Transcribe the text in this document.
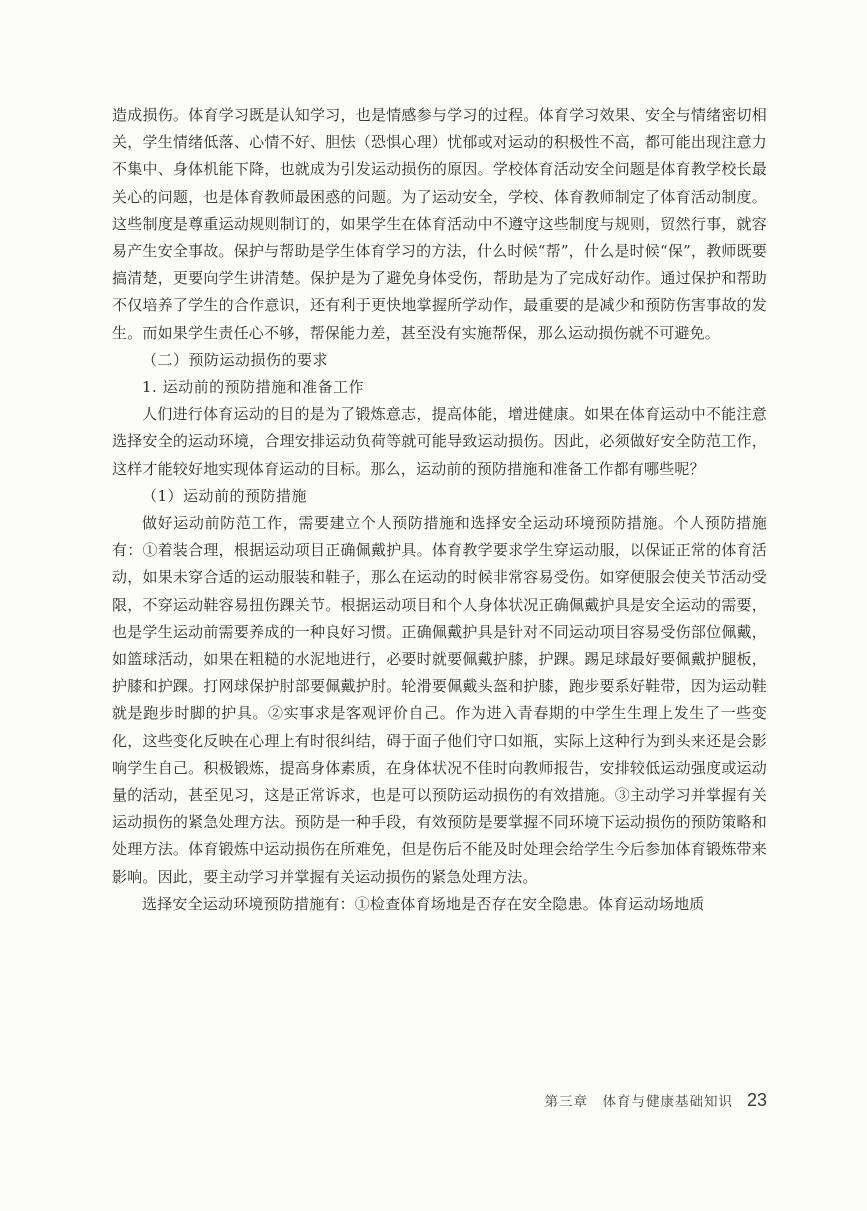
造成损伤。体育学习既是认知学习，也是情感参与学习的过程。体育学习效果、安全与情绪密切相关，学生情绪低落、心情不好、胆怯（恐惧心理）忧郁或对运动的积极性不高，都可能出现注意力不集中、身体机能下降，也就成为引发运动损伤的原因。学校体育活动安全问题是体育教学校长最关心的问题，也是体育教师最困惑的问题。为了运动安全，学校、体育教师制定了体育活动制度。这些制度是尊重运动规则制订的，如果学生在体育活动中不遵守这些制度与规则，贸然行事，就容易产生安全事故。保护与帮助是学生体育学习的方法，什么时候“帮”，什么是时候“保”，教师既要搞清楚，更要向学生讲清楚。保护是为了避免身体受伤，帮助是为了完成好动作。通过保护和帮助不仅培养了学生的合作意识，还有利于更快地掌握所学动作，最重要的是减少和预防伤害事故的发生。而如果学生责任心不够，帮保能力差，甚至没有实施帮保，那么运动损伤就不可避免。

（二）预防运动损伤的要求

1. 运动前的预防措施和准备工作

人们进行体育运动的目的是为了锻炼意志，提高体能，增进健康。如果在体育运动中不能注意选择安全的运动环境，合理安排运动负荷等就可能导致运动损伤。因此，必须做好安全防范工作，这样才能较好地实现体育运动的目标。那么，运动前的预防措施和准备工作都有哪些呢？

（1）运动前的预防措施

做好运动前防范工作，需要建立个人预防措施和选择安全运动环境预防措施。个人预防措施有：①着装合理，根据运动项目正确佩戴护具。体育教学要求学生穿运动服，以保证正常的体育活动，如果未穿合适的运动服装和鞋子，那么在运动的时候非常容易受伤。如穿便服会使关节活动受限，不穿运动鞋容易扭伤踝关节。根据运动项目和个人身体状况正确佩戴护具是安全运动的需要，也是学生运动前需要养成的一种良好习惯。正确佩戴护具是针对不同运动项目容易受伤部位佩戴，如篮球活动，如果在粗糙的水泥地进行，必要时就要佩戴护膝，护踝。踢足球最好要佩戴护腿板，护膝和护踝。打网球保护肘部要佩戴护肘。轮滑要佩戴头盔和护膝，跑步要系好鞋带，因为运动鞋就是跑步时脚的护具。②实事求是客观评价自己。作为进入青春期的中学生生理上发生了一些变化，这些变化反映在心理上有时很纠结，碍于面子他们守口如瓶，实际上这种行为到头来还是会影响学生自己。积极锻炼，提高身体素质，在身体状况不佳时向教师报告，安排较低运动强度或运动量的活动，甚至见习，这是正常诉求，也是可以预防运动损伤的有效措施。③主动学习并掌握有关运动损伤的紧急处理方法。预防是一种手段，有效预防是要掌握不同环境下运动损伤的预防策略和处理方法。体育锻炼中运动损伤在所难免，但是伤后不能及时处理会给学生今后参加体育锻炼带来影响。因此，要主动学习并掌握有关运动损伤的紧急处理方法。

选择安全运动环境预防措施有：①检查体育场地是否存在安全隐患。体育运动场地质

第三章　体育与健康基础知识 23
